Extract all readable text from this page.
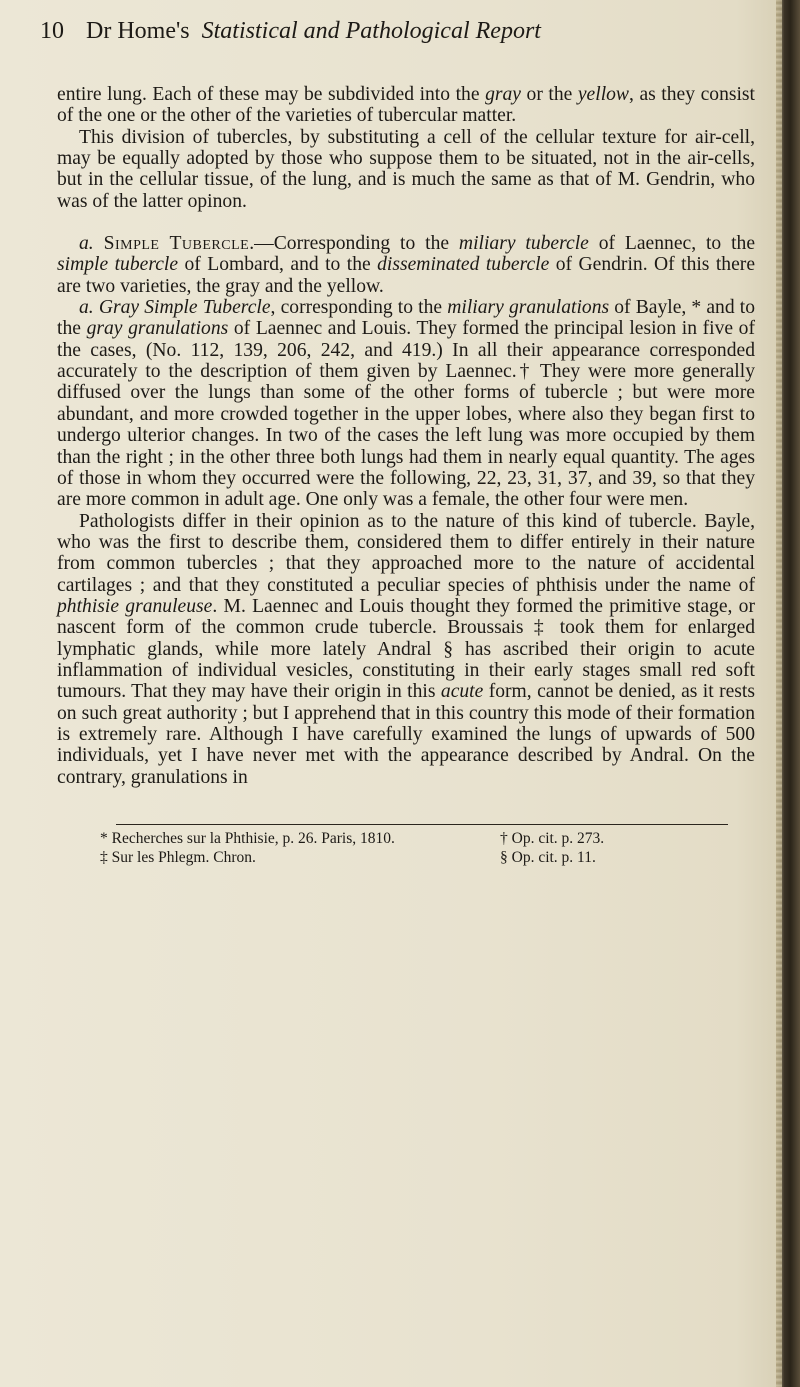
10 Dr Home's Statistical and Pathological Report

entire lung. Each of these may be subdivided into the gray or the yellow, as they consist of the one or the other of the varieties of tubercular matter.

This division of tubercles, by substituting a cell of the cellular texture for air-cell, may be equally adopted by those who suppose them to be situated, not in the air-cells, but in the cellular tissue, of the lung, and is much the same as that of M. Gendrin, who was of the latter opinon.

a. Simple Tubercle.—Corresponding to the miliary tubercle of Laennec, to the simple tubercle of Lombard, and to the disseminated tubercle of Gendrin. Of this there are two varieties, the gray and the yellow.

a. Gray Simple Tubercle, corresponding to the miliary granulations of Bayle, * and to the gray granulations of Laennec and Louis. They formed the principal lesion in five of the cases, (No. 112, 139, 206, 242, and 419.) In all their appearance corresponded accurately to the description of them given by Laennec.† They were more generally diffused over the lungs than some of the other forms of tubercle ; but were more abundant, and more crowded together in the upper lobes, where also they began first to undergo ulterior changes. In two of the cases the left lung was more occupied by them than the right ; in the other three both lungs had them in nearly equal quantity. The ages of those in whom they occurred were the following, 22, 23, 31, 37, and 39, so that they are more common in adult age. One only was a female, the other four were men.

Pathologists differ in their opinion as to the nature of this kind of tubercle. Bayle, who was the first to describe them, considered them to differ entirely in their nature from common tubercles ; that they approached more to the nature of accidental cartilages ; and that they constituted a peculiar species of phthisis under the name of phthisie granuleuse. M. Laennec and Louis thought they formed the primitive stage, or nascent form of the common crude tubercle. Broussais ‡ took them for enlarged lymphatic glands, while more lately Andral § has ascribed their origin to acute inflammation of individual vesicles, constituting in their early stages small red soft tumours. That they may have their origin in this acute form, cannot be denied, as it rests on such great authority ; but I apprehend that in this country this mode of their formation is extremely rare. Although I have carefully examined the lungs of upwards of 500 individuals, yet I have never met with the appearance described by Andral. On the contrary, granulations in

* Recherches sur la Phthisie, p. 26. Paris, 1810.	† Op. cit. p. 273.
‡ Sur les Phlegm. Chron.	§ Op. cit. p. 11.
